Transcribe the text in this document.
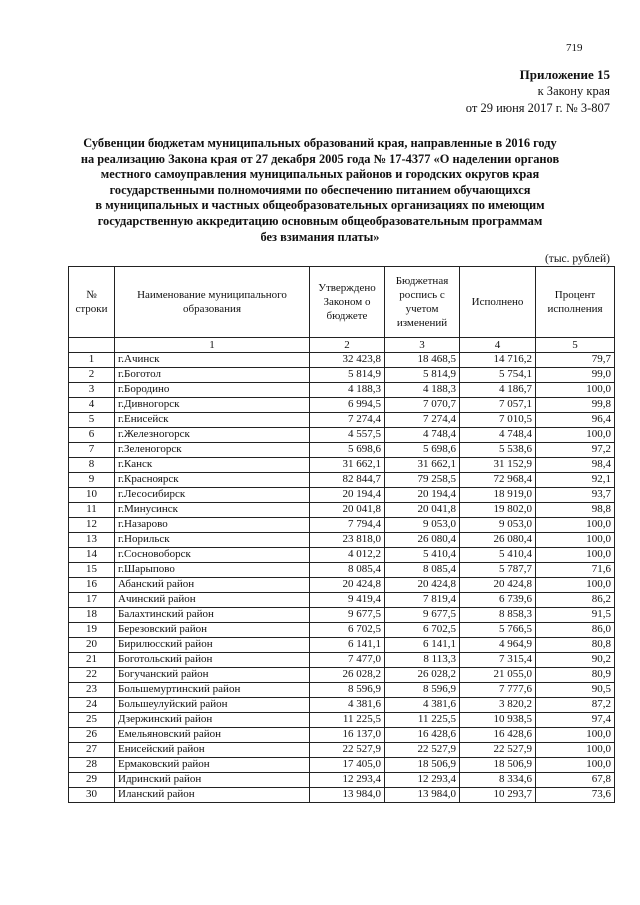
719
Приложение 15
к Закону края
от 29 июня 2017 г. № 3-807
Субвенции бюджетам муниципальных образований края, направленные в 2016 году
на реализацию Закона края от 27 декабря 2005 года № 17-4377 «О наделении органов
местного самоуправления муниципальных районов и городских округов края
государственными полномочиями по обеспечению питанием обучающихся
в муниципальных и частных общеобразовательных организациях по имеющим
государственную аккредитацию основным общеобразовательным программам
без взимания платы»
(тыс. рублей)
№ строки	Наименование муниципального образования	Утверждено Законом о бюджете	Бюджетная роспись с учетом изменений	Исполнено	Процент исполнения
	1	2	3	4	5
1	г.Ачинск	32 423,8	18 468,5	14 716,2	79,7
2	г.Боготол	5 814,9	5 814,9	5 754,1	99,0
3	г.Бородино	4 188,3	4 188,3	4 186,7	100,0
4	г.Дивногорск	6 994,5	7 070,7	7 057,1	99,8
5	г.Енисейск	7 274,4	7 274,4	7 010,5	96,4
6	г.Железногорск	4 557,5	4 748,4	4 748,4	100,0
7	г.Зеленогорск	5 698,6	5 698,6	5 538,6	97,2
8	г.Канск	31 662,1	31 662,1	31 152,9	98,4
9	г.Красноярск	82 844,7	79 258,5	72 968,4	92,1
10	г.Лесосибирск	20 194,4	20 194,4	18 919,0	93,7
11	г.Минусинск	20 041,8	20 041,8	19 802,0	98,8
12	г.Назарово	7 794,4	9 053,0	9 053,0	100,0
13	г.Норильск	23 818,0	26 080,4	26 080,4	100,0
14	г.Сосновоборск	4 012,2	5 410,4	5 410,4	100,0
15	г.Шарыпово	8 085,4	8 085,4	5 787,7	71,6
16	Абанский район	20 424,8	20 424,8	20 424,8	100,0
17	Ачинский район	9 419,4	7 819,4	6 739,6	86,2
18	Балахтинский район	9 677,5	9 677,5	8 858,3	91,5
19	Березовский район	6 702,5	6 702,5	5 766,5	86,0
20	Бирилюсский район	6 141,1	6 141,1	4 964,9	80,8
21	Боготольский район	7 477,0	8 113,3	7 315,4	90,2
22	Богучанский район	26 028,2	26 028,2	21 055,0	80,9
23	Большемуртинский район	8 596,9	8 596,9	7 777,6	90,5
24	Большеулуйский район	4 381,6	4 381,6	3 820,2	87,2
25	Дзержинский район	11 225,5	11 225,5	10 938,5	97,4
26	Емельяновский район	16 137,0	16 428,6	16 428,6	100,0
27	Енисейский район	22 527,9	22 527,9	22 527,9	100,0
28	Ермаковский район	17 405,0	18 506,9	18 506,9	100,0
29	Идринский район	12 293,4	12 293,4	8 334,6	67,8
30	Иланский район	13 984,0	13 984,0	10 293,7	73,6
